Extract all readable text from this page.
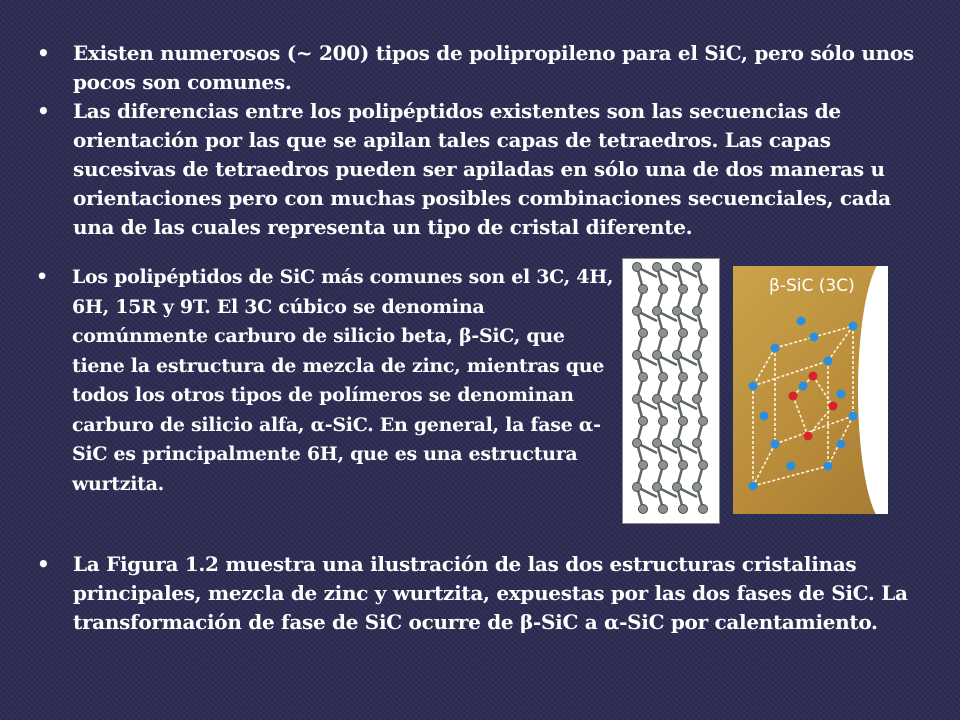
• Existen numerosos (~ 200) tipos de polipropileno para el SiC, pero sólo unos pocos son comunes.
• Las diferencias entre los polipéptidos existentes son las secuencias de orientación por las que se apilan tales capas de tetraedros. Las capas sucesivas de tetraedros pueden ser apiladas en sólo una de dos maneras u orientaciones pero con muchas posibles combinaciones secuenciales, cada una de las cuales representa un tipo de cristal diferente.
• Los polipéptidos de SiC más comunes son el 3C, 4H, 6H, 15R y 9T. El 3C cúbico se denomina comúnmente carburo de silicio beta, β-SiC, que tiene la estructura de mezcla de zinc, mientras que todos los otros tipos de polímeros se denominan carburo de silicio alfa, α-SiC. En general, la fase α-SiC es principalmente 6H, que es una estructura wurtzita.
β-SiC (3C)
• La Figura 1.2 muestra una ilustración de las dos estructuras cristalinas principales, mezcla de zinc y wurtzita, expuestas por las dos fases de SiC. La transformación de fase de SiC ocurre de β-SiC a α-SiC por calentamiento.
